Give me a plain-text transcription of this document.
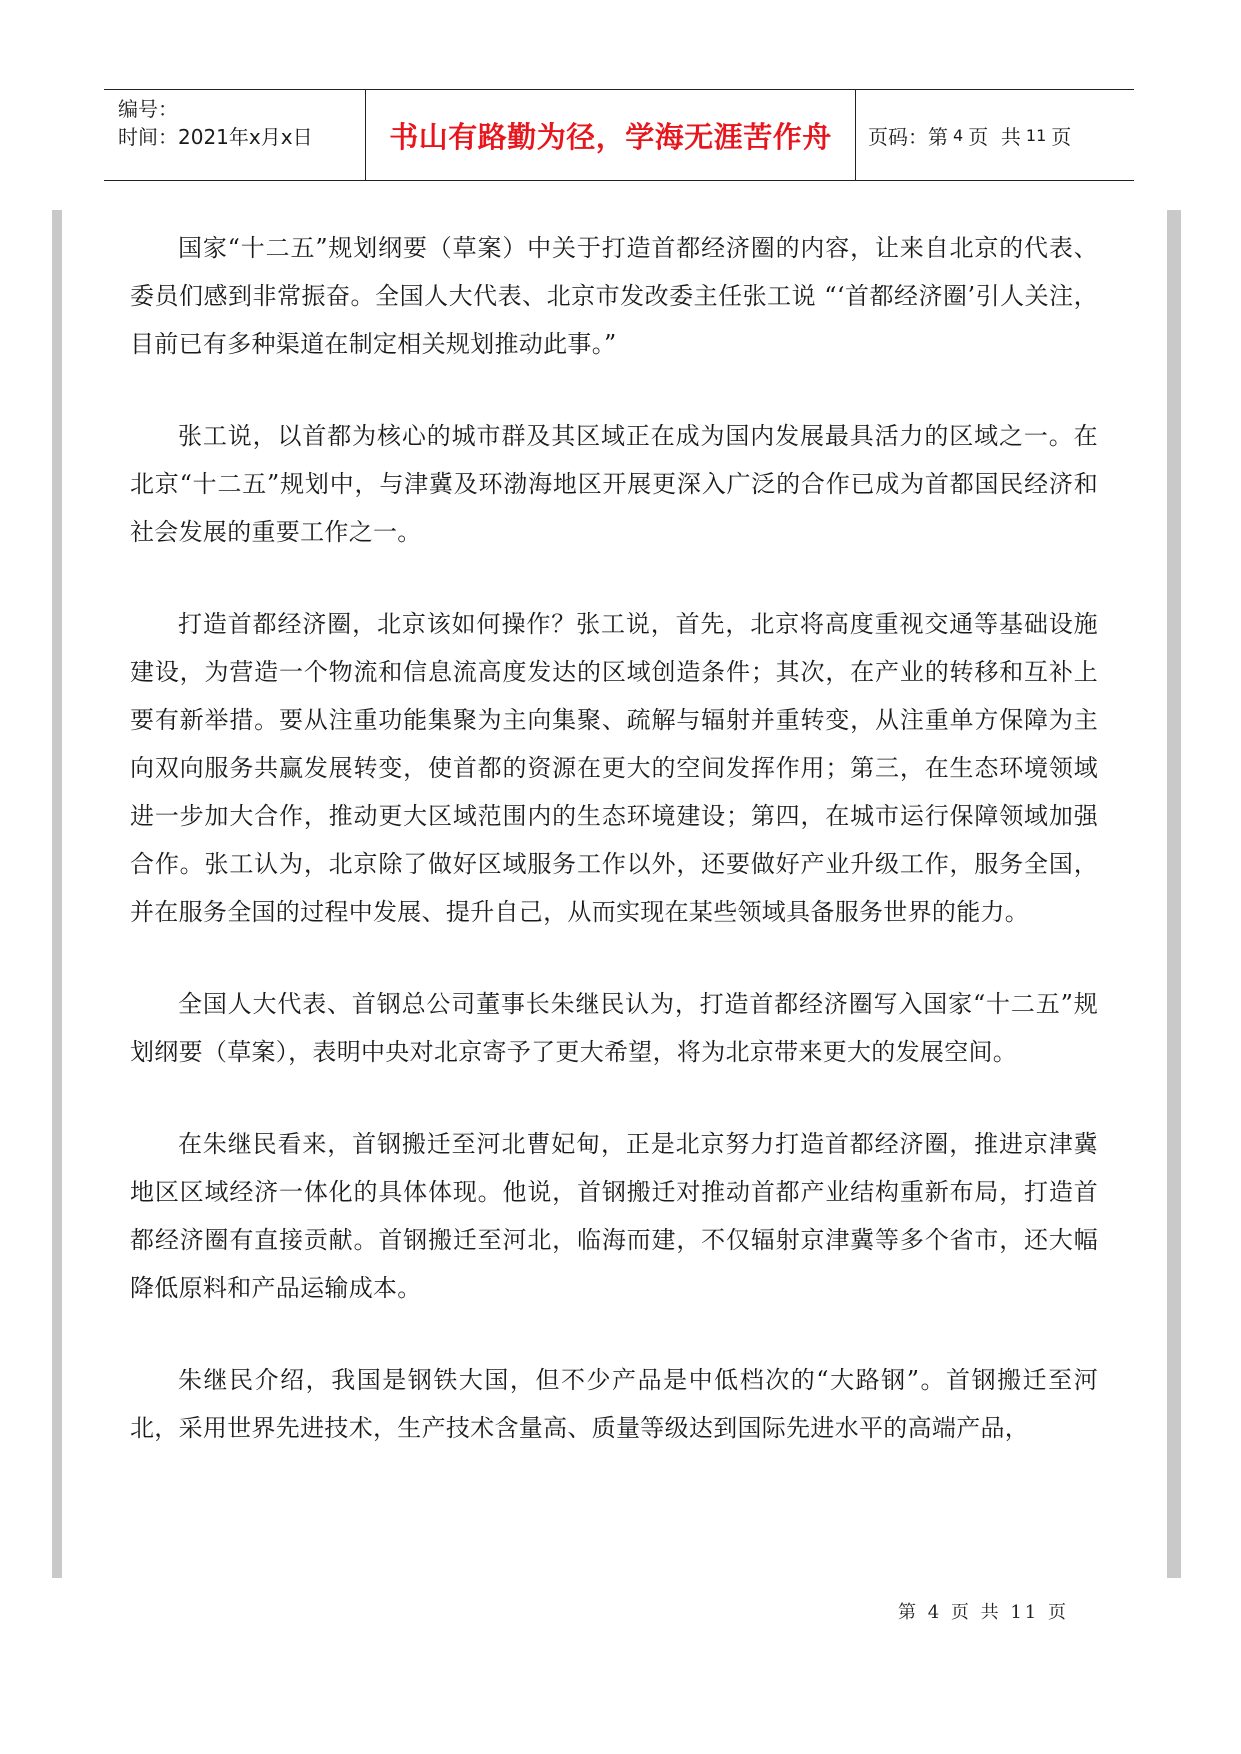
编号：
时间：2021年x月x日	书山有路勤为径，学海无涯苦作舟 页码：第 4 页  共 11 页

国家“十二五”规划纲要（草案）中关于打造首都经济圈的内容，让来自北京的代表、委员们感到非常振奋。全国人大代表、北京市发改委主任张工说 “‘首都经济圈’引人关注，目前已有多种渠道在制定相关规划推动此事。”

张工说，以首都为核心的城市群及其区域正在成为国内发展最具活力的区域之一。在北京“十二五”规划中，与津冀及环渤海地区开展更深入广泛的合作已成为首都国民经济和社会发展的重要工作之一。

打造首都经济圈，北京该如何操作？张工说，首先，北京将高度重视交通等基础设施建设，为营造一个物流和信息流高度发达的区域创造条件；其次，在产业的转移和互补上要有新举措。要从注重功能集聚为主向集聚、疏解与辐射并重转变，从注重单方保障为主向双向服务共赢发展转变，使首都的资源在更大的空间发挥作用；第三，在生态环境领域进一步加大合作，推动更大区域范围内的生态环境建设；第四，在城市运行保障领域加强合作。张工认为，北京除了做好区域服务工作以外，还要做好产业升级工作，服务全国，并在服务全国的过程中发展、提升自己，从而实现在某些领域具备服务世界的能力。

全国人大代表、首钢总公司董事长朱继民认为，打造首都经济圈写入国家“十二五”规划纲要（草案），表明中央对北京寄予了更大希望，将为北京带来更大的发展空间。

在朱继民看来，首钢搬迁至河北曹妃甸，正是北京努力打造首都经济圈，推进京津冀地区区域经济一体化的具体体现。他说，首钢搬迁对推动首都产业结构重新布局，打造首都经济圈有直接贡献。首钢搬迁至河北，临海而建，不仅辐射京津冀等多个省市，还大幅降低原料和产品运输成本。

朱继民介绍，我国是钢铁大国，但不少产品是中低档次的“大路钢”。首钢搬迁至河北，采用世界先进技术，生产技术含量高、质量等级达到国际先进水平的高端产品，

第 4 页 共 11 页
